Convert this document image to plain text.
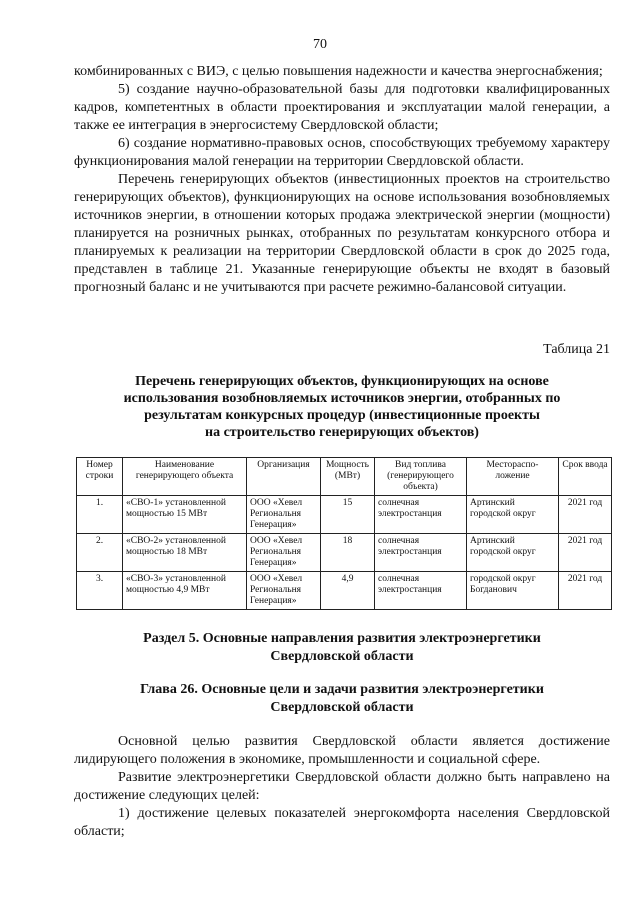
70

комбинированных с ВИЭ, с целью повышения надежности и качества энергоснабжения;

5) создание научно-образовательной базы для подготовки квалифицированных кадров, компетентных в области проектирования и эксплуатации малой генерации, а также ее интеграция в энергосистему Свердловской области;

6) создание нормативно-правовых основ, способствующих требуемому характеру функционирования малой генерации на территории Свердловской области.

Перечень генерирующих объектов (инвестиционных проектов на строительство генерирующих объектов), функционирующих на основе использования возобновляемых источников энергии, в отношении которых продажа электрической энергии (мощности) планируется на розничных рынках, отобранных по результатам конкурсного отбора и планируемых к реализации на территории Свердловской области в срок до 2025 года, представлен в таблице 21. Указанные генерирующие объекты не входят в базовый прогнозный баланс и не учитываются при расчете режимно-балансовой ситуации.

Таблица 21
Перечень генерирующих объектов, функционирующих на основе
использования возобновляемых источников энергии, отобранных по
результатам конкурсных процедур (инвестиционные проекты
на строительство генерирующих объектов)
Номер строки	Наименование генерирующего объекта	Организация	Мощность (МВт)	Вид топлива (генерирующего объекта)	Местораспо-ложение	Срок ввода
1.	«СВО-1» установленной мощностью 15 МВт	ООО «Хевел Региональня Генерация»	15	солнечная электростанция	Артинский городской округ	2021 год
2.	«СВО-2» установленной мощностью 18 МВт	ООО «Хевел Региональня Генерация»	18	солнечная электростанция	Артинский городской округ	2021 год
3.	«СВО-3» установленной мощностью 4,9 МВт	ООО «Хевел Региональня Генерация»	4,9	солнечная электростанция	городской округ Богданович	2021 год
Раздел 5. Основные направления развития электроэнергетики
Свердловской области
Глава 26. Основные цели и задачи развития электроэнергетики
Свердловской области

Основной целью развития Свердловской области является достижение лидирующего положения в экономике, промышленности и социальной сфере.

Развитие электроэнергетики Свердловской области должно быть направлено на достижение следующих целей:

1) достижение целевых показателей энергокомфорта населения Свердловской области;
